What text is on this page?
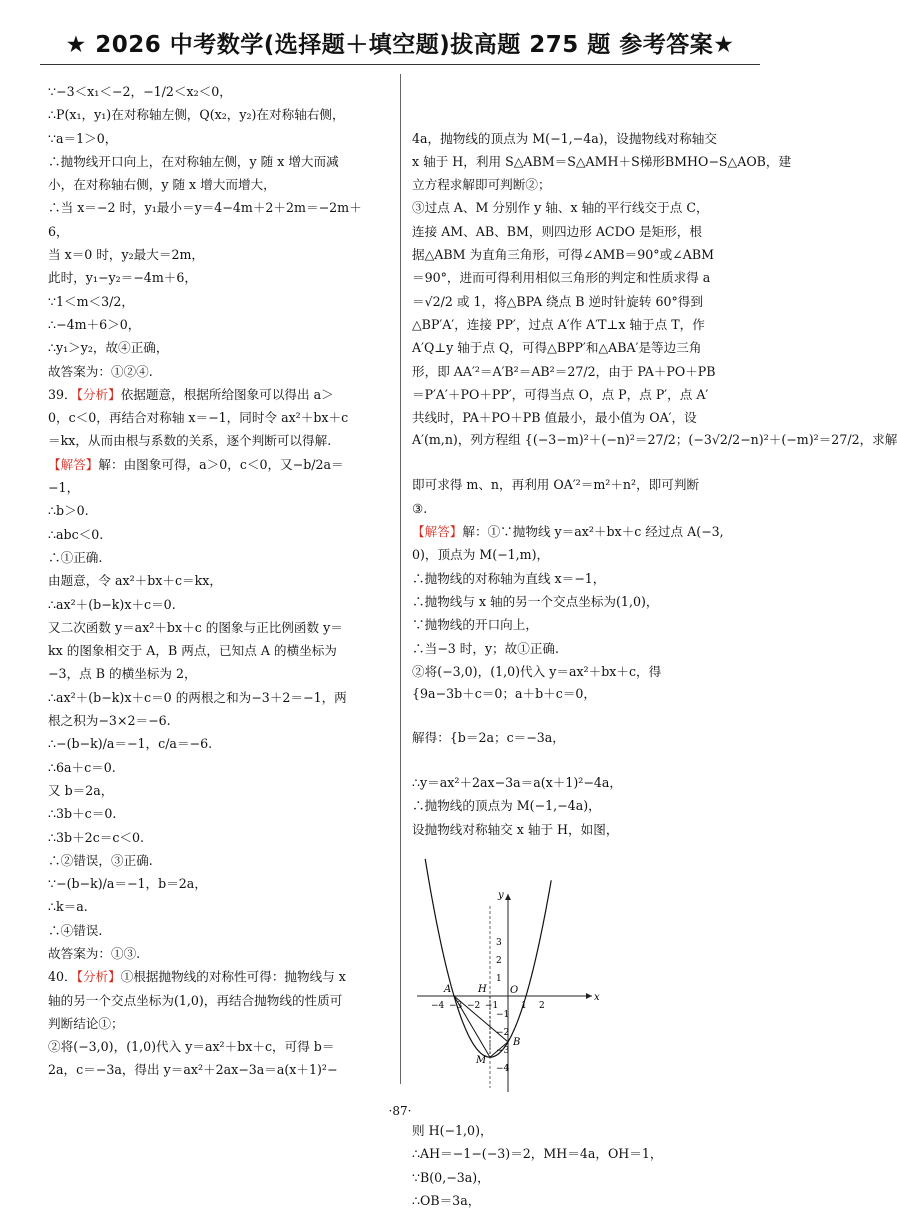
★ 2026 中考数学(选择题＋填空题)拔高题 275 题 参考答案★
∵−3＜x₁＜−2，−1/2＜x₂＜0，
∴P(x₁，y₁)在对称轴左侧，Q(x₂，y₂)在对称轴右侧，
∵a＝1＞0，
∴抛物线开口向上，在对称轴左侧，y 随 x 增大而减
小，在对称轴右侧，y 随 x 增大而增大，
∴当 x＝−2 时，y₁最小＝y＝4−4m＋2＋2m＝−2m＋
6，
当 x＝0 时，y₂最大＝2m，
此时，y₁−y₂＝−4m＋6，
∵1＜m＜3/2，
∴−4m＋6＞0，
∴y₁＞y₂，故④正确，
故答案为：①②④.
39．【分析】依据题意，根据所给图象可以得出 a＞
0，c＜0，再结合对称轴 x＝−1，同时令 ax²＋bx＋c
＝kx，从而由根与系数的关系，逐个判断可以得解.
【解答】解：由图象可得，a＞0，c＜0，又−b/2a＝
−1，
∴b＞0.
∴abc＜0.
∴①正确.
由题意，令 ax²＋bx＋c＝kx，
∴ax²＋(b−k)x＋c＝0.
又二次函数 y＝ax²＋bx＋c 的图象与正比例函数 y＝
kx 的图象相交于 A，B 两点，已知点 A 的横坐标为
−3，点 B 的横坐标为 2，
∴ax²＋(b−k)x＋c＝0 的两根之和为−3＋2＝−1，两
根之积为−3×2＝−6.
∴−(b−k)/a＝−1，c/a＝−6.
∴6a＋c＝0.
又 b＝2a，
∴3b＋c＝0.
∴3b＋2c＝c＜0.
∴②错误，③正确.
∵−(b−k)/a＝−1，b＝2a，
∴k＝a.
∴④错误.
故答案为：①③.
40．【分析】①根据抛物线的对称性可得：抛物线与 x
轴的另一个交点坐标为(1,0)，再结合抛物线的性质可
判断结论①；
②将(−3,0)，(1,0)代入 y＝ax²＋bx＋c，可得 b＝
2a，c＝−3a，得出 y＝ax²＋2ax−3a＝a(x＋1)²−

4a，抛物线的顶点为 M(−1,−4a)，设抛物线对称轴交
x 轴于 H，利用 S△ABM＝S△AMH＋S梯形BMHO−S△AOB，建
立方程求解即可判断②；
③过点 A、M 分别作 y 轴、x 轴的平行线交于点 C，
连接 AM、AB、BM，则四边形 ACDO 是矩形，根
据△ABM 为直角三角形，可得∠AMB＝90°或∠ABM
＝90°，进而可得利用相似三角形的判定和性质求得 a
＝√2/2 或 1，将△BPA 绕点 B 逆时针旋转 60°得到
△BP′A′，连接 PP′，过点 A′作 A′T⊥x 轴于点 T，作
A′Q⊥y 轴于点 Q，可得△BPP′和△ABA′是等边三角
形，即 AA′²＝A′B²＝AB²＝27/2，由于 PA＋PO＋PB
＝P′A′＋PO＋PP′，可得当点 O，点 P，点 P′，点 A′
共线时，PA＋PO＋PB 值最小，最小值为 OA′，设
A′(m,n)，列方程组 {(−3−m)²＋(−n)²＝27/2；(−3√2/2−n)²＋(−m)²＝27/2，求解
即可求得 m、n，再利用 OA′²＝m²＋n²，即可判断
③.
【解答】解：①∵抛物线 y＝ax²＋bx＋c 经过点 A(−3,
0)，顶点为 M(−1,m)，
∴抛物线的对称轴为直线 x＝−1，
∴抛物线与 x 轴的另一个交点坐标为(1,0)，
∵抛物线的开口向上，
∴当−3 时，y；故①正确.
②将(−3,0)，(1,0)代入 y＝ax²＋bx＋c，得
{9a−3b＋c＝0；a＋b＋c＝0，
解得：{b＝2a；c＝−3a，
∴y＝ax²＋2ax−3a＝a(x＋1)²−4a，
∴抛物线的顶点为 M(−1,−4a)，
设抛物线对称轴交 x 轴于 H，如图，

−4 −3 −2 −1	1 2
3
2
1
−1
−2
−3
−4
A	H O
B
M
x
y

则 H(−1,0)，
∴AH＝−1−(−3)＝2，MH＝4a，OH＝1，
∵B(0,−3a)，
∴OB＝3a，
·87·
